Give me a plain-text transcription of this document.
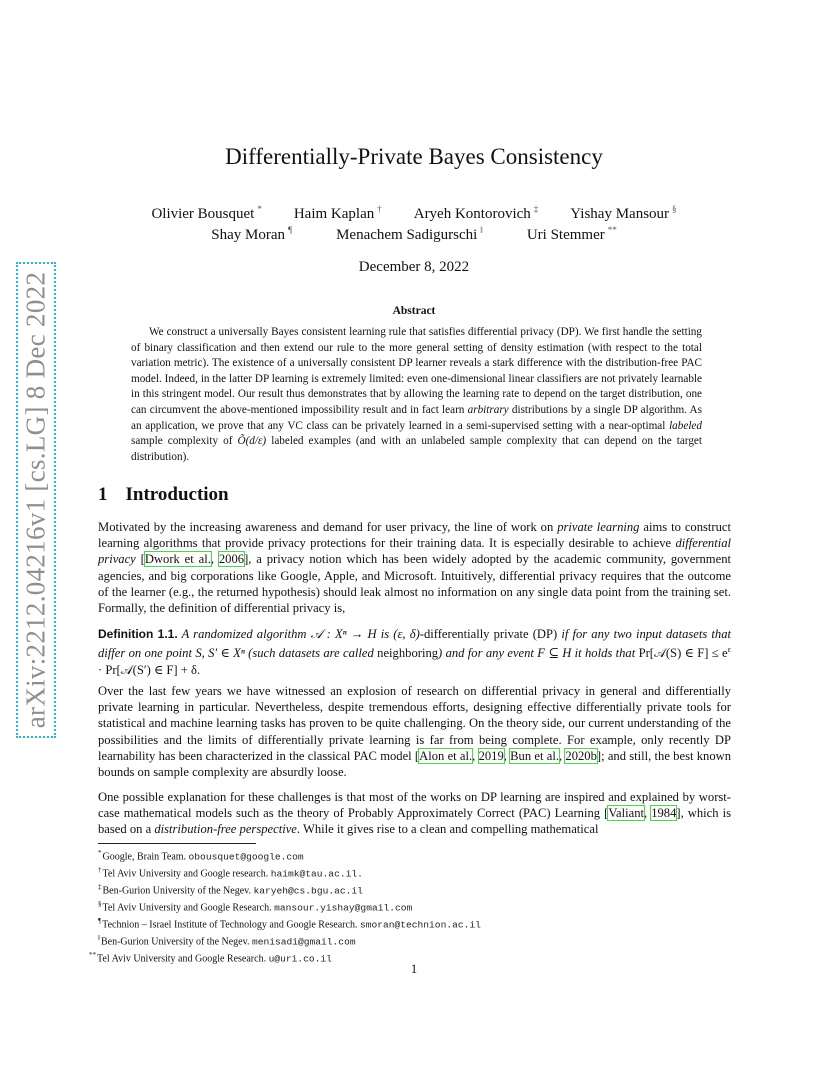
arXiv:2212.04216v1 [cs.LG] 8 Dec 2022
Differentially-Private Bayes Consistency
Olivier Bousquet * Haim Kaplan † Aryeh Kontorovich ‡ Yishay Mansour §
Shay Moran ¶	Menachem Sadigurschi ‖	Uri Stemmer **
December 8, 2022
Abstract

We construct a universally Bayes consistent learning rule that satisfies differential privacy (DP). We first handle the setting of binary classification and then extend our rule to the more general setting of density estimation (with respect to the total variation metric). The existence of a universally consistent DP learner reveals a stark difference with the distribution-free PAC model. Indeed, in the latter DP learning is extremely limited: even one-dimensional linear classifiers are not privately learnable in this stringent model. Our result thus demonstrates that by allowing the learning rate to depend on the target distribution, one can circumvent the above-mentioned impossibility result and in fact learn arbitrary distributions by a single DP algorithm. As an application, we prove that any VC class can be privately learned in a semi-supervised setting with a near-optimal labeled sample complexity of Õ(d/ε) labeled examples (and with an unlabeled sample complexity that can depend on the target distribution).

1 Introduction

Motivated by the increasing awareness and demand for user privacy, the line of work on private learning aims to construct learning algorithms that provide privacy protections for their training data. It is especially desirable to achieve differential privacy [Dwork et al., 2006], a privacy notion which has been widely adopted by the academic community, government agencies, and big corporations like Google, Apple, and Microsoft. Intuitively, differential privacy requires that the outcome of the learner (e.g., the returned hypothesis) should leak almost no information on any single data point from the training set. Formally, the definition of differential privacy is,

Definition 1.1. A randomized algorithm 𝒜 : Xⁿ → H is (ε, δ)-differentially private (DP) if for any two input datasets that differ on one point S, S′ ∈ Xⁿ (such datasets are called neighboring) and for any event F ⊆ H it holds that Pr[𝒜(S) ∈ $F] \le e^\varepsilon$ · Pr[𝒜(S′) ∈ F] + δ.

Over the last few years we have witnessed an explosion of research on differential privacy in general and differentially private learning in particular. Nevertheless, despite tremendous efforts, designing effective differentially private tools for statistical and machine learning tasks has proven to be quite challenging. On the theory side, our current understanding of the possibilities and the limits of differentially private learning is far from being complete. For example, only recently DP learnability has been characterized in the classical PAC model [Alon et al., 2019, Bun et al., 2020b]; and still, the best known bounds on sample complexity are absurdly loose.

One possible explanation for these challenges is that most of the works on DP learning are inspired and explained by worst-case mathematical models such as the theory of Probably Approximately Correct (PAC) Learning [Valiant, 1984], which is based on a distribution-free perspective. While it gives rise to a clean and compelling mathematical

*Google, Brain Team. obousquet@google.com
†Tel Aviv University and Google research. haimk@tau.ac.il.
‡Ben-Gurion University of the Negev. karyeh@cs.bgu.ac.il
§Tel Aviv University and Google Research. mansour.yishay@gmail.com
¶Technion – Israel Institute of Technology and Google Research. smoran@technion.ac.il
‖Ben-Gurion University of the Negev. menisadi@gmail.com
**Tel Aviv University and Google Research. u@uri.co.il
1
